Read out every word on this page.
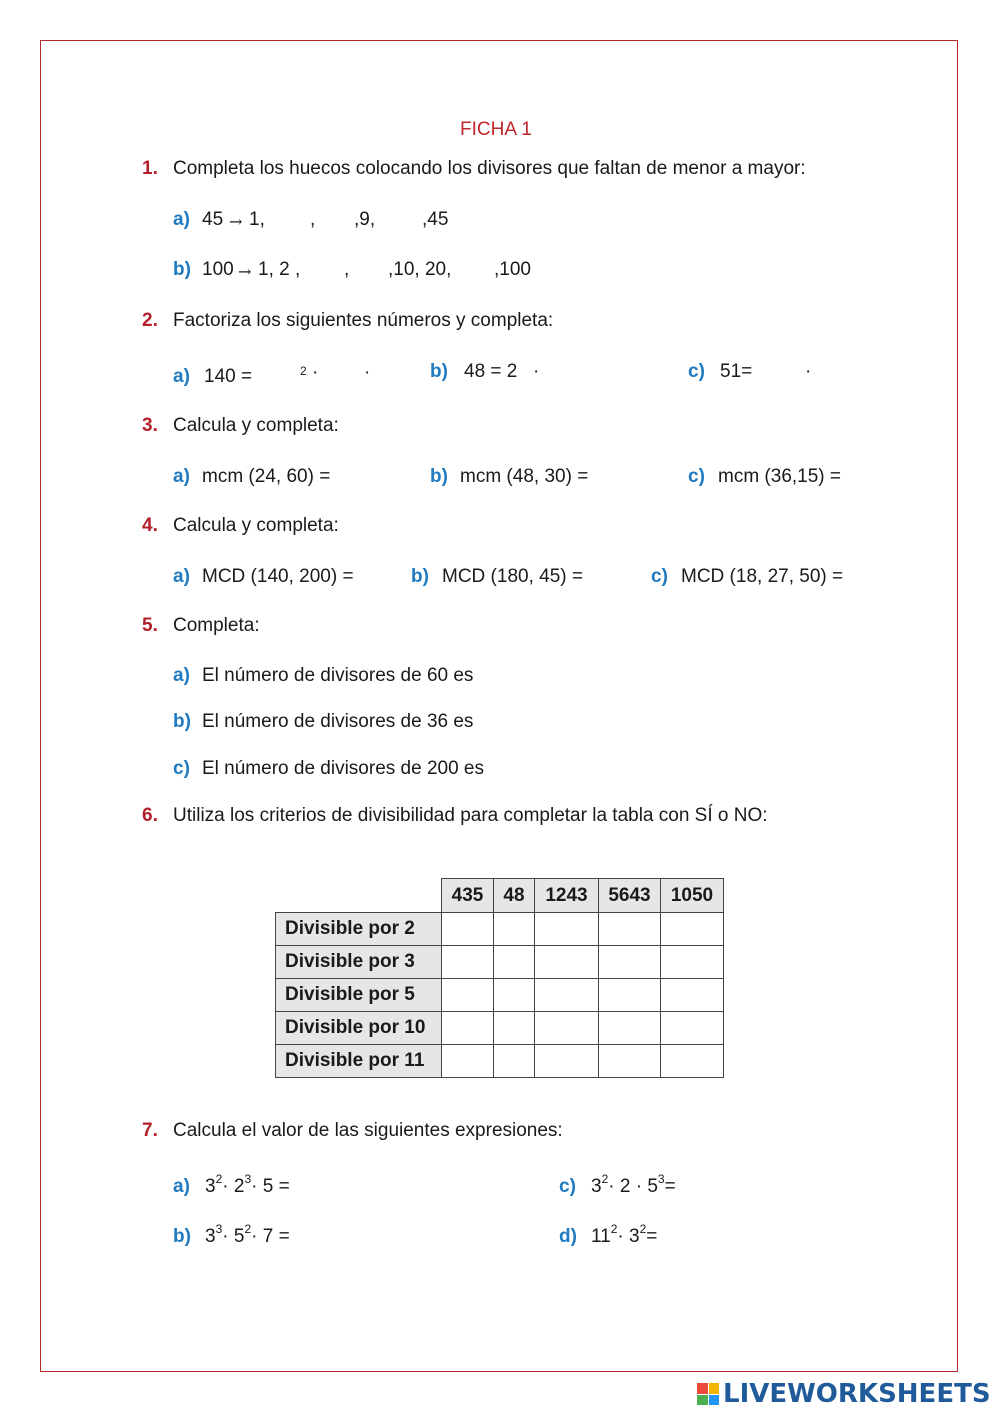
FICHA 1
1. Completa los huecos colocando los divisores que faltan de menor a mayor:
a) 45 → 1, , ,9, ,45
b) 100 → 1, 2 , , ,10, 20, ,100
2. Factoriza los siguientes números y completa:
a) 140 =	2 · ·	b) 48 = 2 ·	c) 51=	·
3. Calcula y completa:
a) mcm (24, 60) =	b) mcm (48, 30) =	c) mcm (36,15) =
4. Calcula y completa:
a) MCD (140, 200) =	b) MCD (180, 45) =	c) MCD (18, 27, 50) =
5. Completa:
a) El número de divisores de 60 es
b) El número de divisores de 36 es
c) El número de divisores de 200 es
6. Utiliza los criterios de divisibilidad para completar la tabla con SÍ o NO:
	435	48	1243	5643	1050
Divisible por 2					
Divisible por 3					
Divisible por 5					
Divisible por 10					
Divisible por 11					
7. Calcula el valor de las siguientes expresiones:
a) $3^2\cdot 2^3\cdot 5$ =
b) $3^3\cdot 5^2\cdot 7$ =
c) $3^2\cdot 2 \cdot 5^3=$
d) $11^2\cdot 3^2=$
LIVEWORKSHEETS
